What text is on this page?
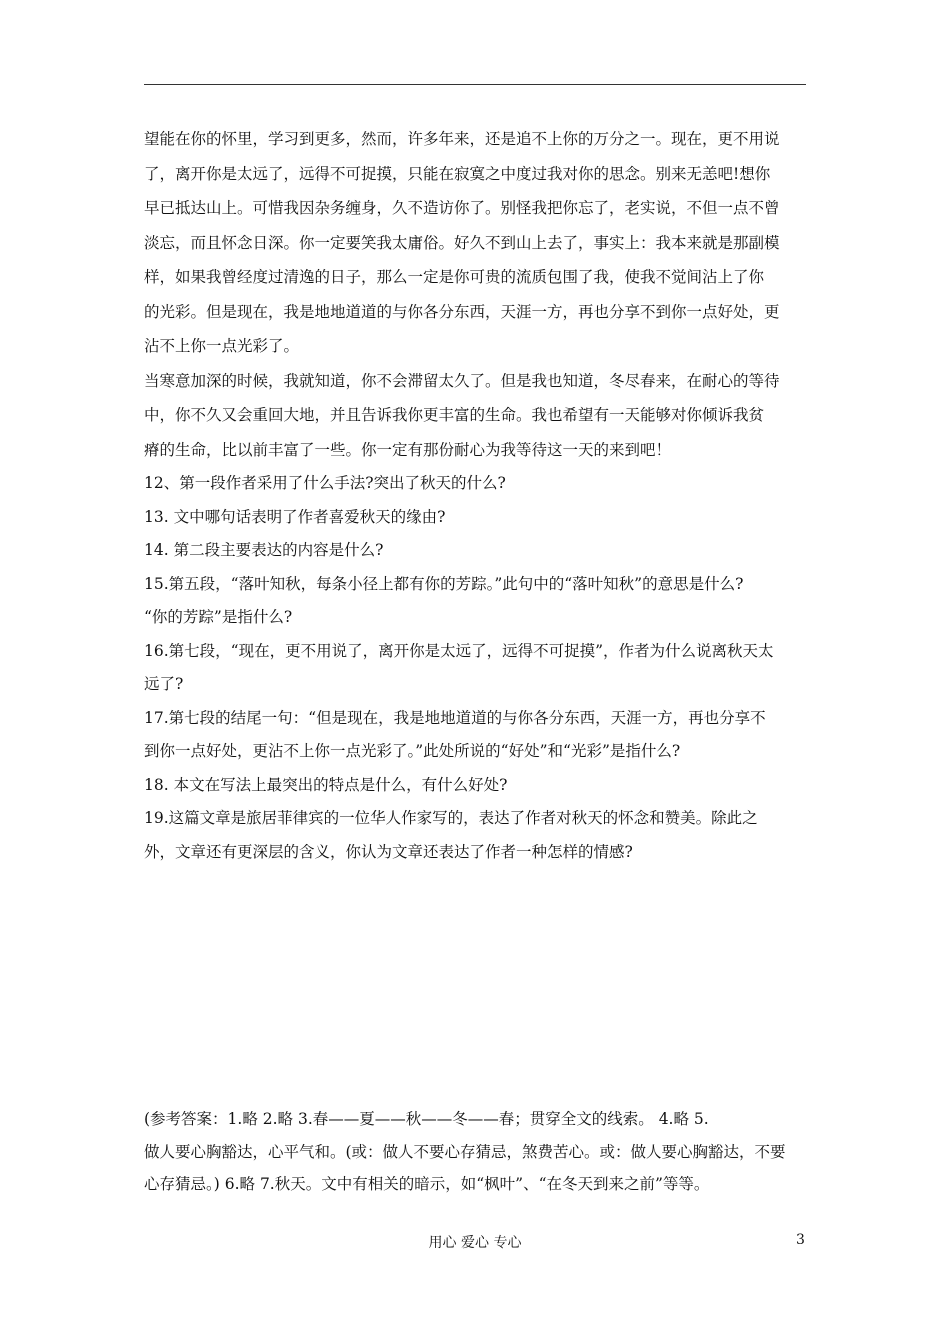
望能在你的怀里，学习到更多，然而，许多年来，还是追不上你的万分之一。现在，更不用说

了，离开你是太远了，远得不可捉摸，只能在寂寞之中度过我对你的思念。别来无恙吧!想你

早已抵达山上。可惜我因杂务缠身，久不造访你了。别怪我把你忘了，老实说，不但一点不曾

淡忘，而且怀念日深。你一定要笑我太庸俗。好久不到山上去了，事实上：我本来就是那副模

样，如果我曾经度过清逸的日子，那么一定是你可贵的流质包围了我，使我不觉间沾上了你

的光彩。但是现在，我是地地道道的与你各分东西，天涯一方，再也分享不到你一点好处，更

沾不上你一点光彩了。

当寒意加深的时候，我就知道，你不会滞留太久了。但是我也知道，冬尽春来，在耐心的等待

中，你不久又会重回大地，并且告诉我你更丰富的生命。我也希望有一天能够对你倾诉我贫

瘠的生命，比以前丰富了一些。你一定有那份耐心为我等待这一天的来到吧！

12、第一段作者采用了什么手法?突出了秋天的什么?

13. 文中哪句话表明了作者喜爱秋天的缘由?

14. 第二段主要表达的内容是什么?

15.第五段，“落叶知秋，每条小径上都有你的芳踪。”此句中的“落叶知秋”的意思是什么?

“你的芳踪”是指什么?

16.第七段，“现在，更不用说了，离开你是太远了，远得不可捉摸”，作者为什么说离秋天太

远了?

17.第七段的结尾一句：“但是现在，我是地地道道的与你各分东西，天涯一方，再也分享不

到你一点好处，更沾不上你一点光彩了。”此处所说的“好处”和“光彩”是指什么?

18. 本文在写法上最突出的特点是什么，有什么好处?

19.这篇文章是旅居菲律宾的一位华人作家写的，表达了作者对秋天的怀念和赞美。除此之

外，文章还有更深层的含义，你认为文章还表达了作者一种怎样的情感?

(参考答案：1.略 2.略 3.春——夏——秋——冬——春；贯穿全文的线索。 4.略 5.

做人要心胸豁达，心平气和。(或：做人不要心存猜忌，煞费苦心。或：做人要心胸豁达，不要

心存猜忌。) 6.略 7.秋天。文中有相关的暗示，如“枫叶”、“在冬天到来之前”等等。

用心 爱心 专心	3
